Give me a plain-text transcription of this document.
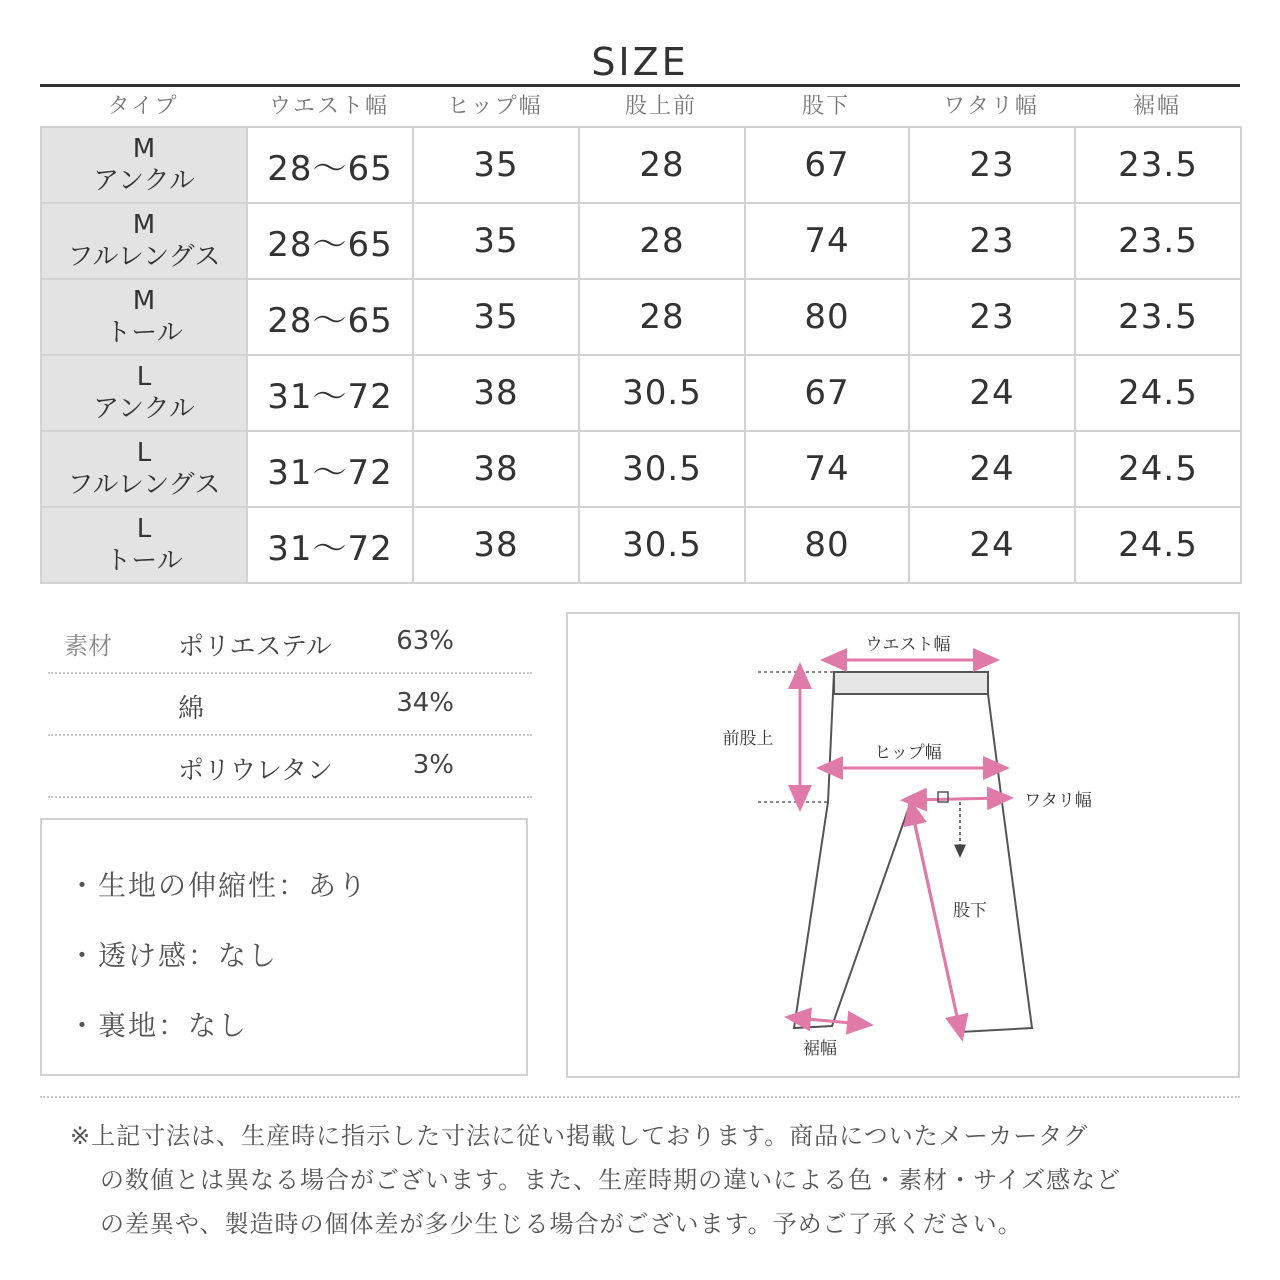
SIZE
タイプ	ウエスト幅	ヒップ幅	股上前	股下	ワタリ幅	裾幅
M
アンクル	28〜65	35	28	67	23	23.5

M
フルレングス	28〜65	35	28	74	23	23.5

M
トール	28〜65	35	28	80	23	23.5

L
アンクル	31〜72	38	30.5	67	24	24.5

L
フルレングス	31〜72	38	30.5	74	24	24.5

L
トール	31〜72	38	30.5	80	24	24.5
素材	ポリエステル 63%
綿	34%
ポリウレタン	3%
・生地の伸縮性：あり
・透け感：なし
・裏地：なし
ウエスト幅
前股上
ヒップ幅
ワタリ幅
股下
裾幅
※上記寸法は、生産時に指示した寸法に従い掲載しております。商品についたメーカータグ
の数値とは異なる場合がございます。また、生産時期の違いによる色・素材・サイズ感など
の差異や、製造時の個体差が多少生じる場合がございます。予めご了承ください。
